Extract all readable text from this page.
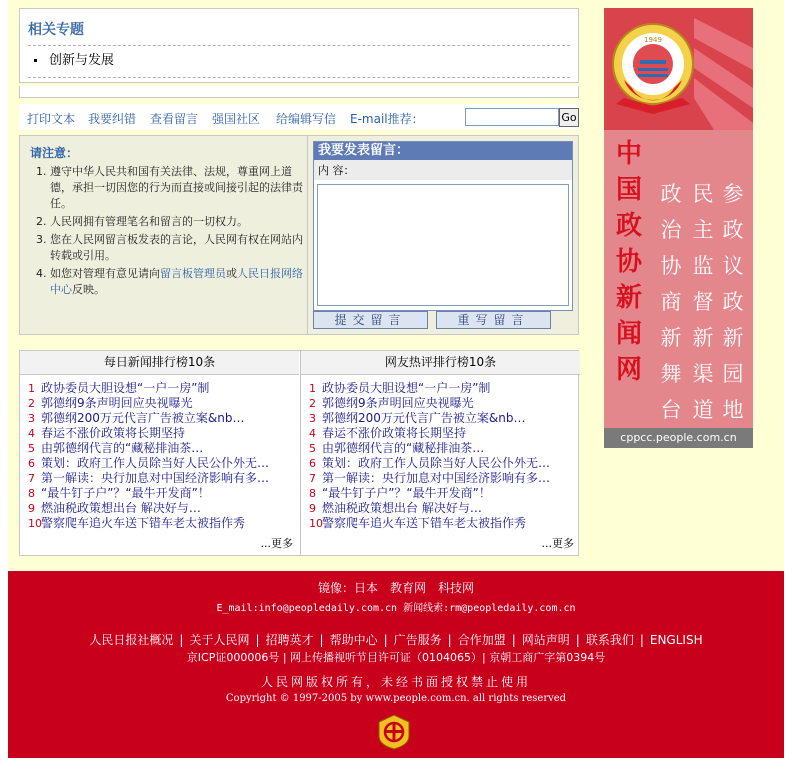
相关专题
创新与发展
打印文本 我要纠错 查看留言 强国社区 给编辑写信 E-mail推荐：	Go
请注意：
1. 遵守中华人民共和国有关法律、法规，尊重网上道德，承担一切因您的行为而直接或间接引起的法律责任。
2. 人民网拥有管理笔名和留言的一切权力。
3. 您在人民网留言板发表的言论，人民网有权在网站内转载或引用。
4. 如您对管理有意见请向留言板管理员或人民日报网络中心反映。
我要发表留言：
内 容：
提交留言	重写留言
每日新闻排行榜10条
1 政协委员大胆设想“一户一房”制
2 郭德纲9条声明回应央视曝光
3 郭德纲200万元代言广告被立案&nb…
4 春运不涨价政策将长期坚持
5 由郭德纲代言的“藏秘排油茶…
6 策划：政府工作人员除当好人民公仆外无…
7 第一解读：央行加息对中国经济影响有多…
8 “最牛钉子户”？“最牛开发商”！
9 燃油税政策想出台 解决好与…
10警察爬车追火车送下错车老太被指作秀
...更多
网友热评排行榜10条
1 政协委员大胆设想“一户一房”制
2 郭德纲9条声明回应央视曝光
3 郭德纲200万元代言广告被立案&nb…
4 春运不涨价政策将长期坚持
5 由郭德纲代言的“藏秘排油茶…
6 策划：政府工作人员除当好人民公仆外无…
7 第一解读：央行加息对中国经济影响有多…
8 “最牛钉子户”？“最牛开发商”！
9 燃油税政策想出台 解决好与…
10警察爬车追火车送下错车老太被指作秀
...更多
1949
中
国
政
协
新
闻
网
政
治
协
商
新
舞
台
民
主
监
督
新
渠
道
参
政
议
政
新
园
地
cppcc.people.com.cn
镜像：日本 教育网 科技网
E_mail:info@peopledaily.com.cn 新闻线索:rm@peopledaily.com.cn
人民日报社概况 | 关于人民网 | 招聘英才 | 帮助中心 | 广告服务 | 合作加盟 | 网站声明 | 联系我们 | ENGLISH
京ICP证000006号 | 网上传播视听节目许可证（0104065）| 京朝工商广字第0394号
人民网版权所有，未经书面授权禁止使用
Copyright © 1997-2005 by www.people.com.cn. all rights reserved
